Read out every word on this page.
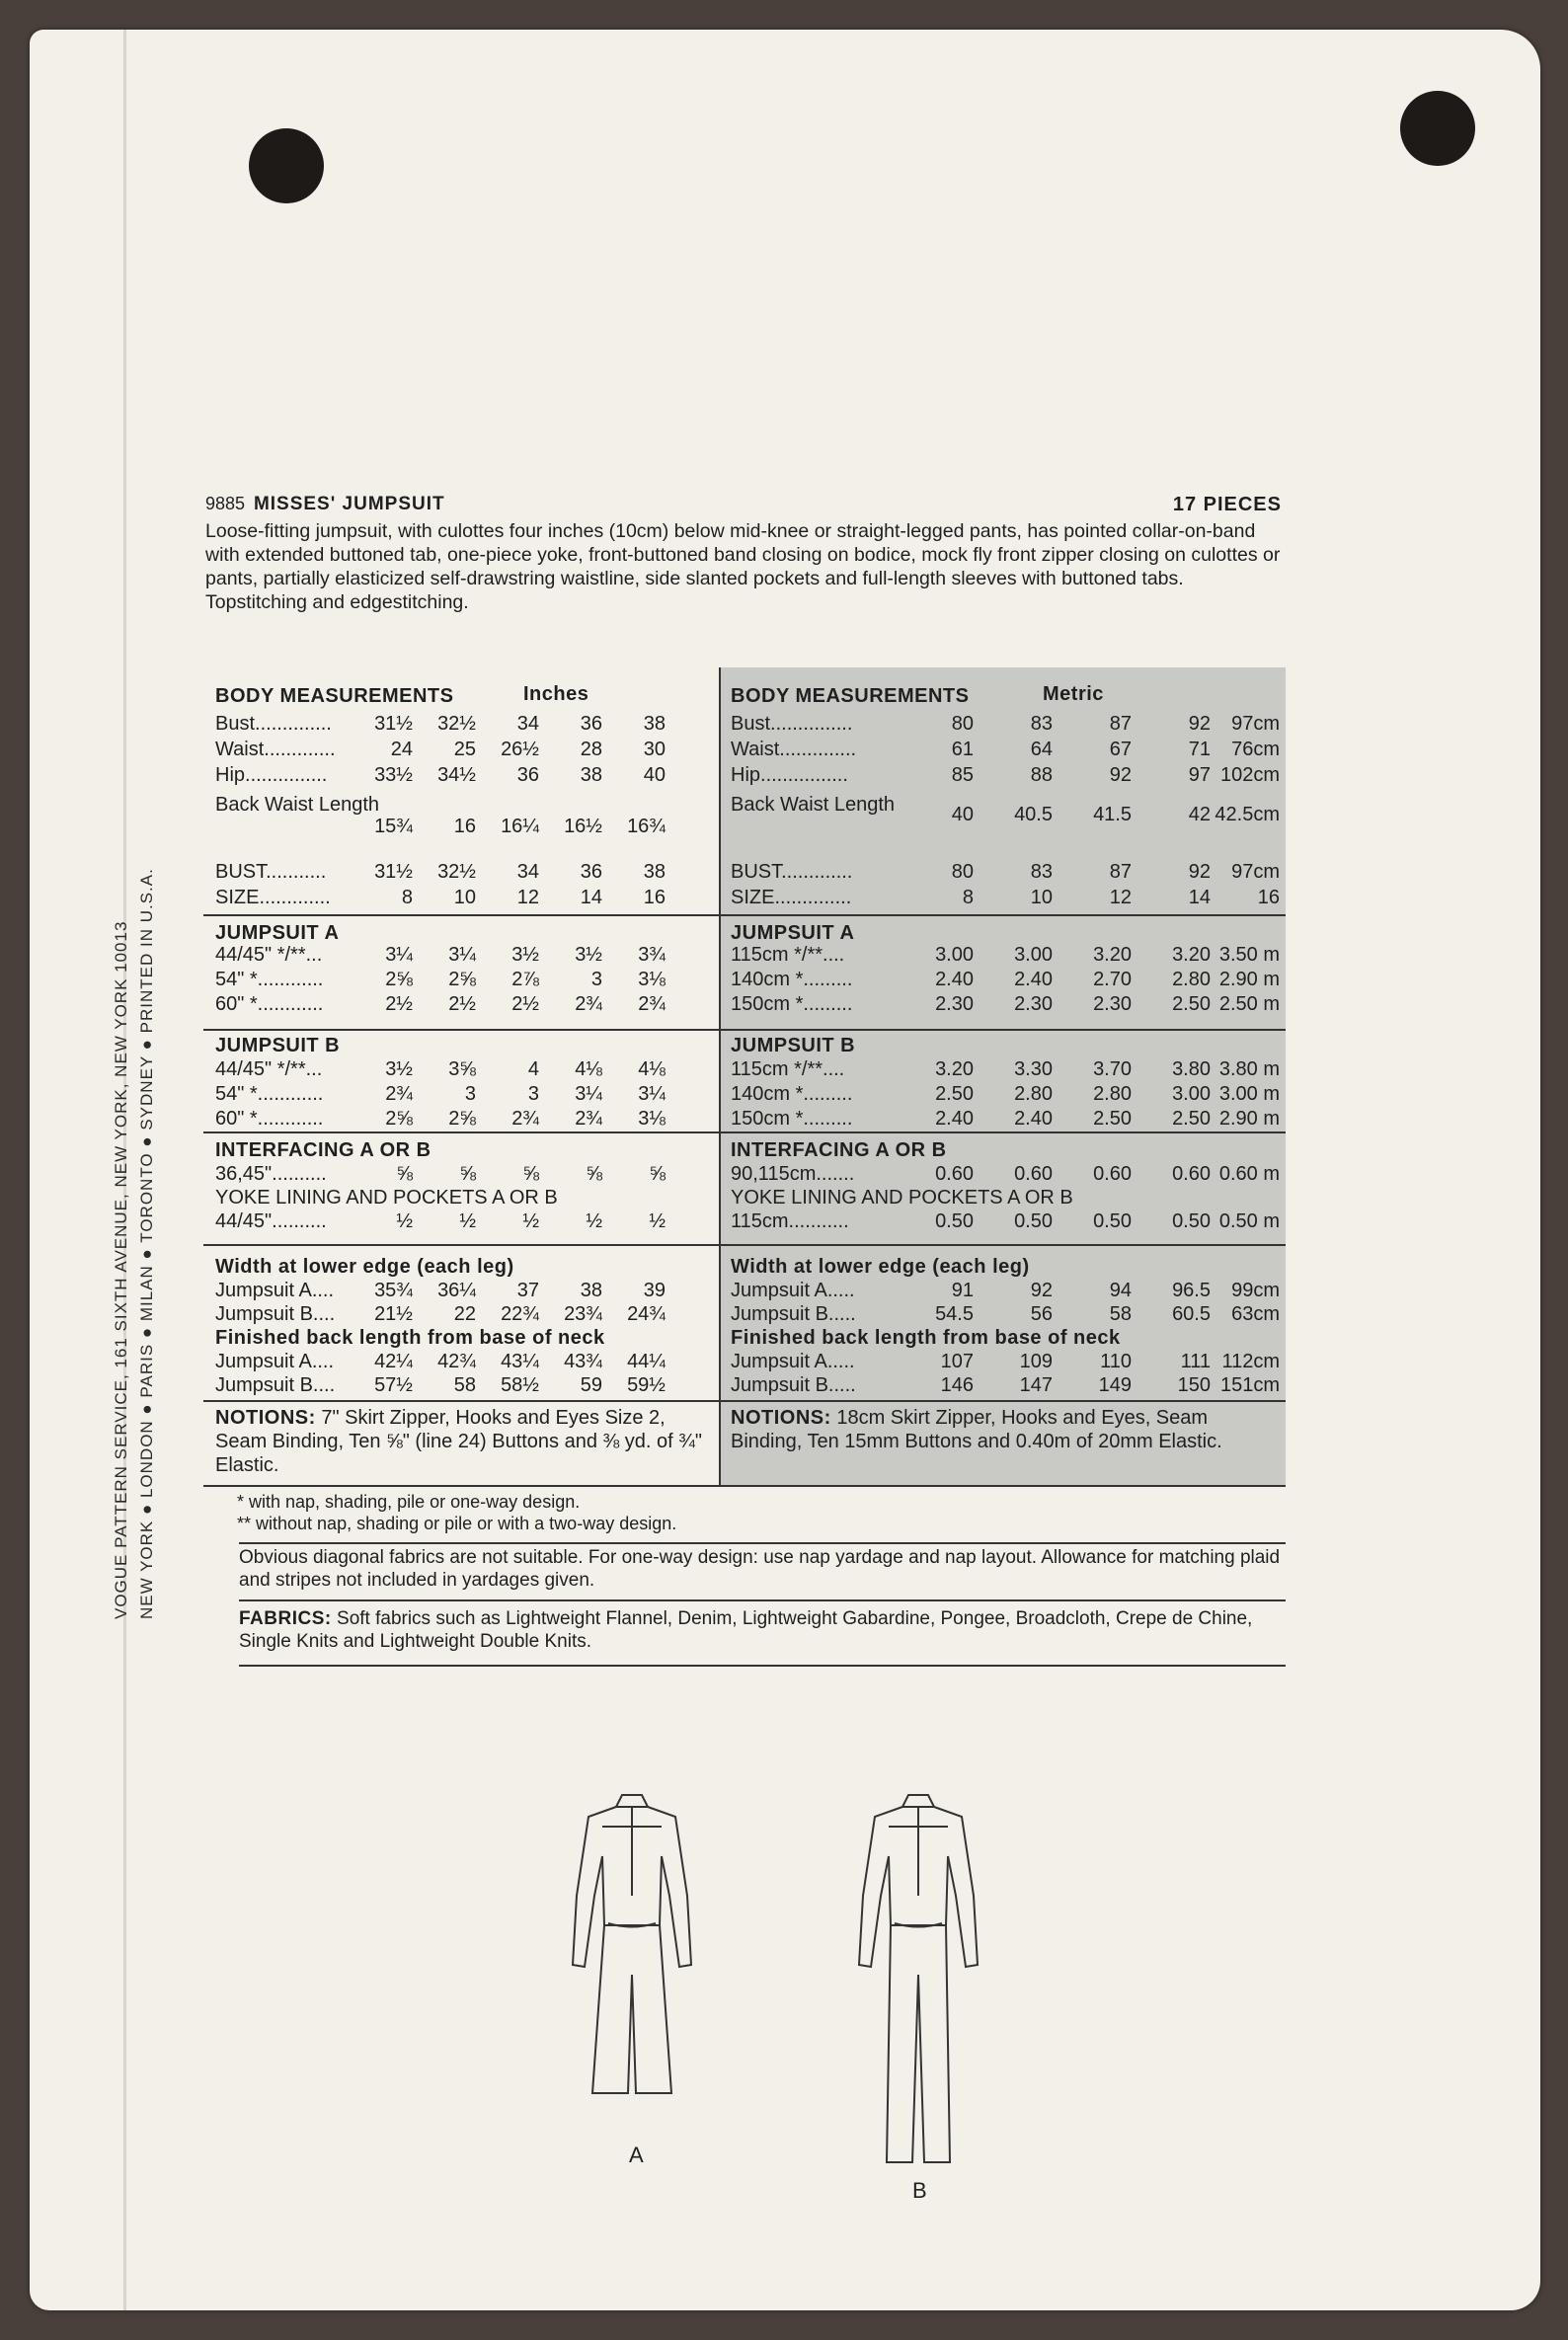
VOGUE PATTERN SERVICE, 161 SIXTH AVENUE, NEW YORK, NEW YORK 10013 NEW YORK ● LONDON ● PARIS ● MILAN ● TORONTO ● SYDNEY ● PRINTED IN U.S.A.
9885 MISSES' JUMPSUIT	17 PIECES
Loose-fitting jumpsuit, with culottes four inches (10cm) below mid-knee or straight-legged pants, has pointed collar-on-band with extended buttoned tab, one-piece yoke, front-buttoned band closing on bodice, mock fly front zipper closing on culottes or pants, partially elasticized self-drawstring waistline, side slanted pockets and full-length sleeves with buttoned tabs. Topstitching and edgestitching.
BODY MEASUREMENTS	Inches
Bust..............	31½	32½	34	36	38
Waist.............	24	25	26½	28	30
Hip...............	33½	34½	36	38	40
Back Waist Length
15¾	16	16¼	16½	16¾
BUST...........	31½	32½	34	36	38
SIZE.............	8	10	12	14	16
JUMPSUIT A
44/45" */**...	3¼	3¼	3½	3½	3¾
54" *............	2⅝	2⅝	2⅞	3	3⅛
60" *............	2½	2½	2½	2¾	2¾
JUMPSUIT B
44/45" */**...	3½	3⅝	4	4⅛	4⅛
54" *............	2¾	3	3	3¼	3¼
60" *............	2⅝	2⅝	2¾	2¾	3⅛
INTERFACING A OR B
36,45"..........	⅝	⅝	⅝	⅝	⅝
YOKE LINING AND POCKETS A OR B
44/45"..........	½	½	½	½	½
Width at lower edge (each leg)
Jumpsuit A....	35¾	36¼	37	38	39
Jumpsuit B....	21½	22	22¾	23¾	24¾
Finished back length from base of neck
Jumpsuit A....	42¼	42¾	43¼	43¾	44¼
Jumpsuit B....	57½	58	58½	59	59½
NOTIONS: 7" Skirt Zipper, Hooks and Eyes Size 2, Seam Binding, Ten ⅝" (line 24) Buttons and ⅜ yd. of ¾" Elastic.
BODY MEASUREMENTS	Metric
Bust...............	80	83	87	92	97cm
Waist..............	61	64	67	71	76cm
Hip................	85	88	92	97 102cm
Back Waist Length	40	40.5	41.5	42 42.5cm
BUST.............	80	83	87	92	97cm
SIZE..............	8	10	12	14	16
JUMPSUIT A
115cm */**....	3.00	3.00	3.20	3.20 3.50 m
140cm *.........	2.40	2.40	2.70	2.80 2.90 m
150cm *.........	2.30	2.30	2.30	2.50 2.50 m
JUMPSUIT B
115cm */**....	3.20	3.30	3.70	3.80 3.80 m
140cm *.........	2.50	2.80	2.80	3.00 3.00 m
150cm *.........	2.40	2.40	2.50	2.50 2.90 m
INTERFACING A OR B
90,115cm.......	0.60	0.60	0.60	0.60 0.60 m
YOKE LINING AND POCKETS A OR B
115cm...........	0.50	0.50	0.50	0.50 0.50 m
Width at lower edge (each leg)
Jumpsuit A.....	91	92	94	96.5	99cm
Jumpsuit B.....	54.5	56	58	60.5	63cm
Finished back length from base of neck
Jumpsuit A.....	107	109	110	111 112cm
Jumpsuit B.....	146	147	149	150 151cm
NOTIONS: 18cm Skirt Zipper, Hooks and Eyes, Seam Binding, Ten 15mm Buttons and 0.40m of 20mm Elastic.
* with nap, shading, pile or one-way design.
** without nap, shading or pile or with a two-way design.
Obvious diagonal fabrics are not suitable. For one-way design: use nap yardage and nap layout. Allowance for matching plaid and stripes not included in yardages given.
FABRICS: Soft fabrics such as Lightweight Flannel, Denim, Lightweight Gabardine, Pongee, Broadcloth, Crepe de Chine, Single Knits and Lightweight Double Knits.
A
B
